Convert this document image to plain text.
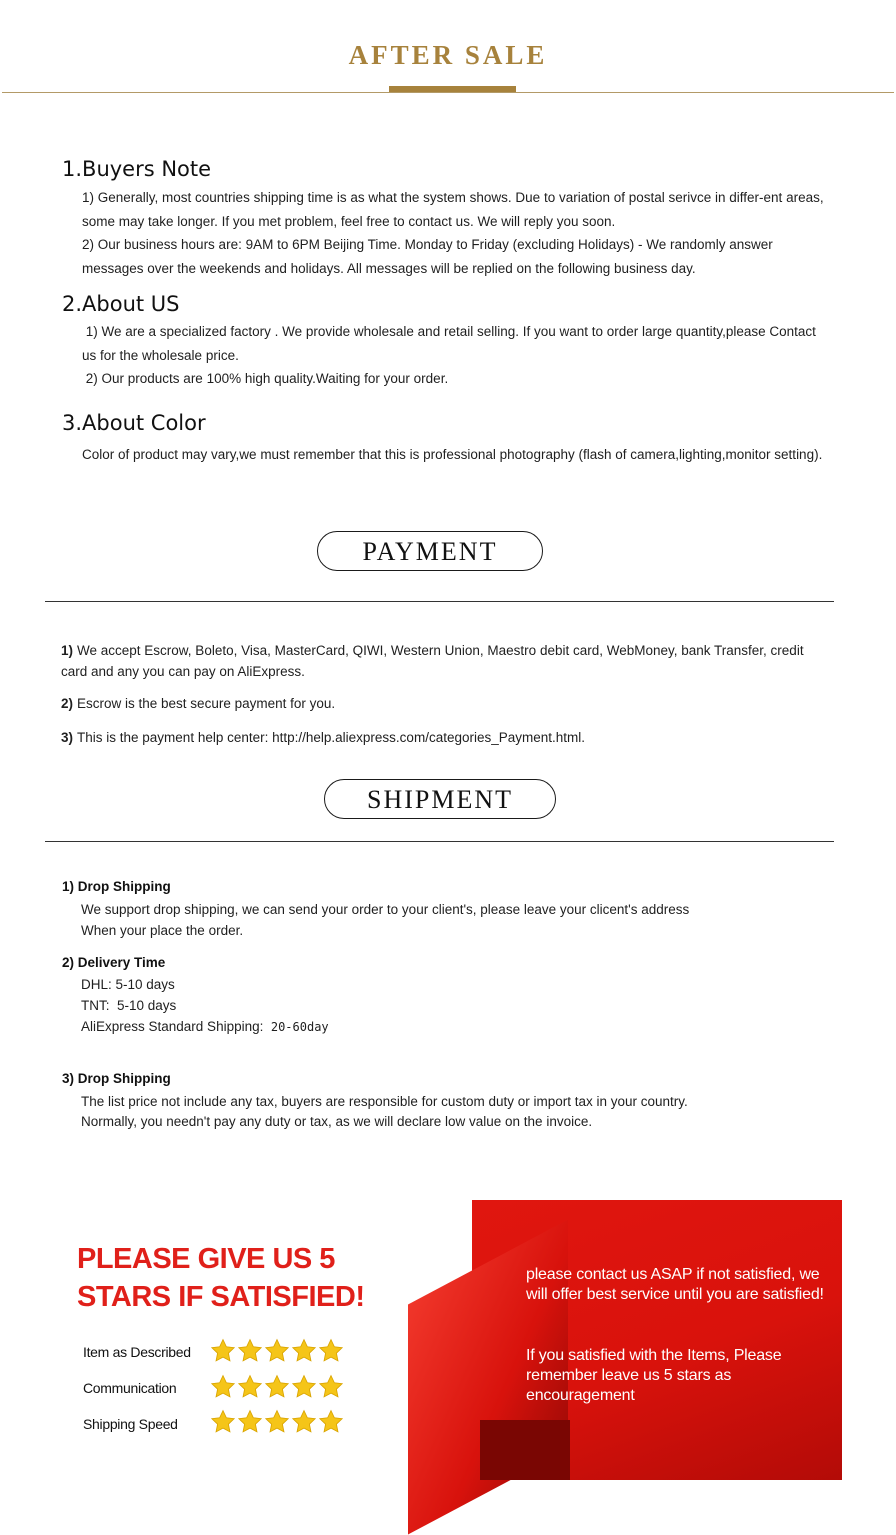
AFTER SALE
1.Buyers Note
1) Generally, most countries shipping time is as what the system shows. Due to variation of postal serivce in differ-ent areas, some may take longer. If you met problem, feel free to contact us. We will reply you soon.
2) Our business hours are: 9AM to 6PM Beijing Time. Monday to Friday (excluding Holidays) - We randomly answer messages over the weekends and holidays. All messages will be replied on the following business day.
2.About US
1) We are a specialized factory . We provide wholesale and retail selling. If you want to order large quantity,please Contact us for the wholesale price.
2) Our products are 100% high quality.Waiting for your order.
3.About Color
Color of product may vary,we must remember that this is professional photography (flash of camera,lighting,monitor setting).
PAYMENT
1) We accept Escrow, Boleto, Visa, MasterCard, QIWI, Western Union, Maestro debit card, WebMoney, bank Transfer, credit card and any you can pay on AliExpress.
2) Escrow is the best secure payment for you.
3) This is the payment help center: http://help.aliexpress.com/categories_Payment.html.
SHIPMENT
1) Drop Shipping
We support drop shipping, we can send your order to your client's, please leave your clicent's address
When your place the order.
2) Delivery Time
DHL: 5-10 days
TNT:  5-10 days
AliExpress Standard Shipping:  20-60day
3) Drop Shipping
The list price not include any tax, buyers are responsible for custom duty or import tax in your country.
Normally, you needn't pay any duty or tax, as we will declare low value on the invoice.
PLEASE GIVE US 5
STARS IF SATISFIED!
Item as Described
Communication
Shipping Speed
please contact us ASAP if not satisfied, we will offer best service until you are satisfied!
If you satisfied with the Items, Please remember leave us 5 stars as encouragement
